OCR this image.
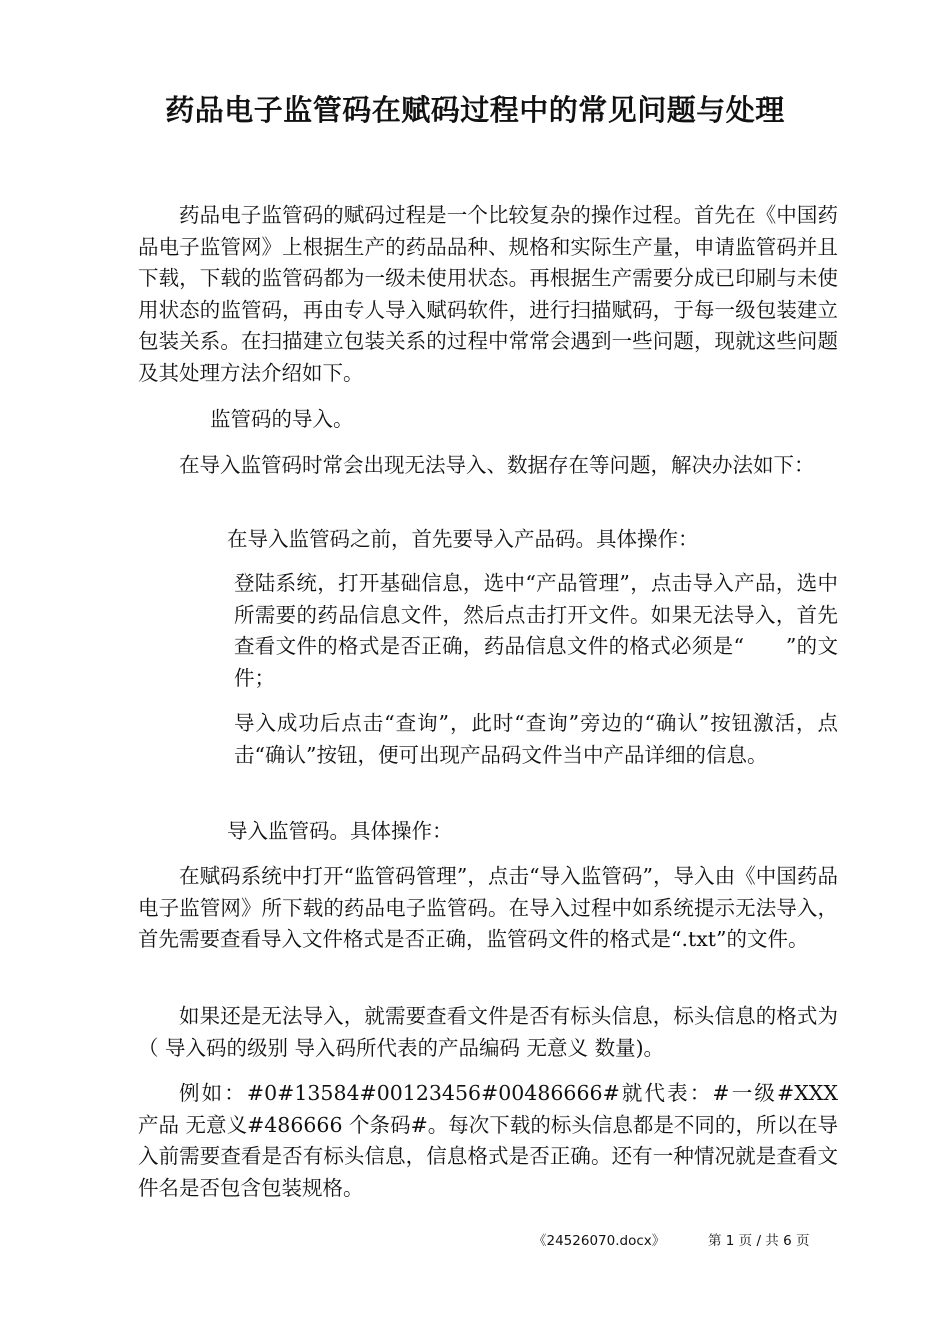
药品电子监管码在赋码过程中的常见问题与处理

药品电子监管码的赋码过程是一个比较复杂的操作过程。首先在《中国药品电子监管网》上根据生产的药品品种、规格和实际生产量，申请监管码并且下载，下载的监管码都为一级未使用状态。再根据生产需要分成已印刷与未使用状态的监管码，再由专人导入赋码软件，进行扫描赋码，于每一级包装建立包装关系。在扫描建立包装关系的过程中常常会遇到一些问题，现就这些问题及其处理方法介绍如下。

监管码的导入。

在导入监管码时常会出现无法导入、数据存在等问题，解决办法如下：

在导入监管码之前，首先要导入产品码。具体操作：

登陆系统，打开基础信息，选中“产品管理”，点击导入产品，选中所需要的药品信息文件，然后点击打开文件。如果无法导入，首先查看文件的格式是否正确，药品信息文件的格式必须是“　　”的文件；

导入成功后点击“查询”，此时“查询”旁边的“确认”按钮激活，点击“确认”按钮，便可出现产品码文件当中产品详细的信息。

导入监管码。具体操作：

在赋码系统中打开“监管码管理”，点击“导入监管码”，导入由《中国药品电子监管网》所下载的药品电子监管码。在导入过程中如系统提示无法导入，首先需要查看导入文件格式是否正确，监管码文件的格式是“.txt”的文件。

如果还是无法导入，就需要查看文件是否有标头信息，标头信息的格式为（ 导入码的级别 导入码所代表的产品编码 无意义 数量)。

例如：#0#13584#00123456#00486666#就代表：#一级#XXX 产品 无意义#486666 个条码#。每次下载的标头信息都是不同的，所以在导入前需要查看是否有标头信息，信息格式是否正确。还有一种情况就是查看文件名是否包含包装规格。

《24526070.docx》	第 1 页 / 共 6 页
